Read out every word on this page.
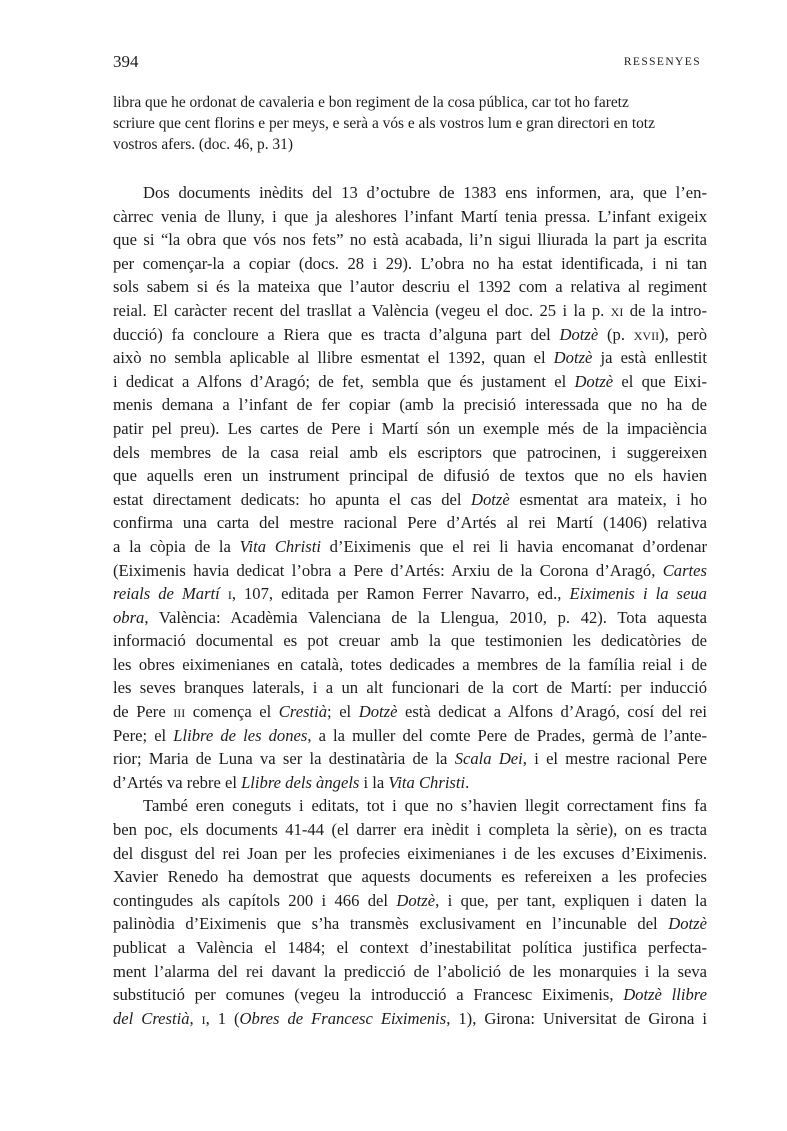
394	RESSENYES
libra que he ordonat de cavaleria e bon regiment de la cosa pública, car tot ho faretz
scriure que cent florins e per meys, e serà a vós e als vostros lum e gran directori en totz
vostros afers. (doc. 46, p. 31)

Dos documents inèdits del 13 d’octubre de 1383 ens informen, ara, que l’en-
càrrec venia de lluny, i que ja aleshores l’infant Martí tenia pressa. L’infant exigeix
que si “la obra que vós nos fets” no està acabada, li’n sigui lliurada la part ja escrita
per començar-la a copiar (docs. 28 i 29). L’obra no ha estat identificada, i ni tan
sols sabem si és la mateixa que l’autor descriu el 1392 com a relativa al regiment
reial. El caràcter recent del trasllat a València (vegeu el doc. 25 i la p. xi de la intro-
ducció) fa concloure a Riera que es tracta d’alguna part del Dotzè (p. xvii), però
això no sembla aplicable al llibre esmentat el 1392, quan el Dotzè ja està enllestit
i dedicat a Alfons d’Aragó; de fet, sembla que és justament el Dotzè el que Eixi-
menis demana a l’infant de fer copiar (amb la precisió interessada que no ha de
patir pel preu). Les cartes de Pere i Martí són un exemple més de la impaciència
dels membres de la casa reial amb els escriptors que patrocinen, i suggereixen
que aquells eren un instrument principal de difusió de textos que no els havien
estat directament dedicats: ho apunta el cas del Dotzè esmentat ara mateix, i ho
confirma una carta del mestre racional Pere d’Artés al rei Martí (1406) relativa
a la còpia de la Vita Christi d’Eiximenis que el rei li havia encomanat d’ordenar
(Eiximenis havia dedicat l’obra a Pere d’Artés: Arxiu de la Corona d’Aragó, Cartes
reials de Martí i, 107, editada per Ramon Ferrer Navarro, ed., Eiximenis i la seua
obra, València: Acadèmia Valenciana de la Llengua, 2010, p. 42). Tota aquesta
informació documental es pot creuar amb la que testimonien les dedicatòries de
les obres eiximenianes en català, totes dedicades a membres de la família reial i de
les seves branques laterals, i a un alt funcionari de la cort de Martí: per inducció
de Pere iii comença el Crestià; el Dotzè està dedicat a Alfons d’Aragó, cosí del rei
Pere; el Llibre de les dones, a la muller del comte Pere de Prades, germà de l’ante-
rior; Maria de Luna va ser la destinatària de la Scala Dei, i el mestre racional Pere
d’Artés va rebre el Llibre dels àngels i la Vita Christi.

També eren coneguts i editats, tot i que no s’havien llegit correctament fins fa
ben poc, els documents 41-44 (el darrer era inèdit i completa la sèrie), on es tracta
del disgust del rei Joan per les profecies eiximenianes i de les excuses d’Eiximenis.
Xavier Renedo ha demostrat que aquests documents es refereixen a les profecies
contingudes als capítols 200 i 466 del Dotzè, i que, per tant, expliquen i daten la
palinòdia d’Eiximenis que s’ha transmès exclusivament en l’incunable del Dotzè
publicat a València el 1484; el context d’inestabilitat política justifica perfecta-
ment l’alarma del rei davant la predicció de l’abolició de les monarquies i la seva
substitució per comunes (vegeu la introducció a Francesc Eiximenis, Dotzè llibre
del Crestià, i, 1 (Obres de Francesc Eiximenis, 1), Girona: Universitat de Girona i
